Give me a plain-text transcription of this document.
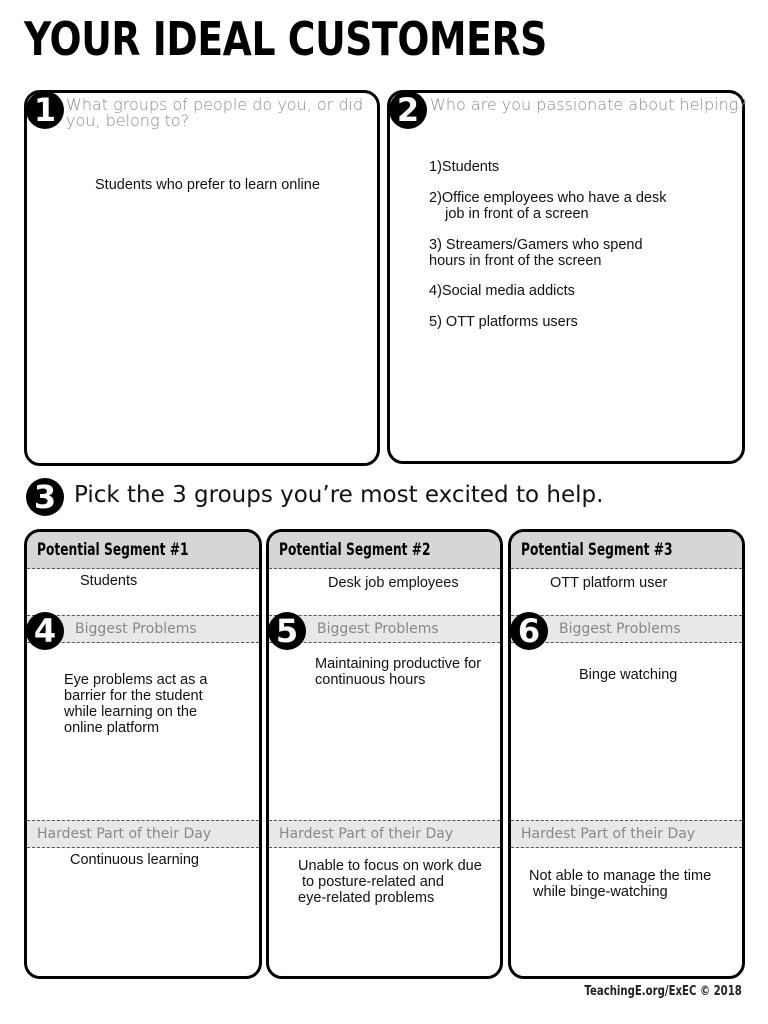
YOUR IDEAL CUSTOMERS
1 What groups of people do you, or did you, belong to?
Students who prefer to learn online
2 Who are you passionate about helping?
1)Students
2)Office employees who have a desk
job in front of a screen
3) Streamers/Gamers who spend
hours in front of the screen
4)Social media addicts
5) OTT platforms users
3 Pick the 3 groups you’re most excited to help.
Potential Segment #1
Students
Biggest Problems
Eye problems act as a
barrier for the student
while learning on the
online platform
Hardest Part of their Day
Continuous learning
4
Potential Segment #2
Desk job employees
Biggest Problems
Maintaining productive for
continuous hours
Hardest Part of their Day
Unable to focus on work due
to posture-related and
eye-related problems
5
Potential Segment #3
OTT platform user
Biggest Problems
Binge watching
Hardest Part of their Day
Not able to manage the time
while binge-watching
6
TeachingE.org/ExEC © 2018
